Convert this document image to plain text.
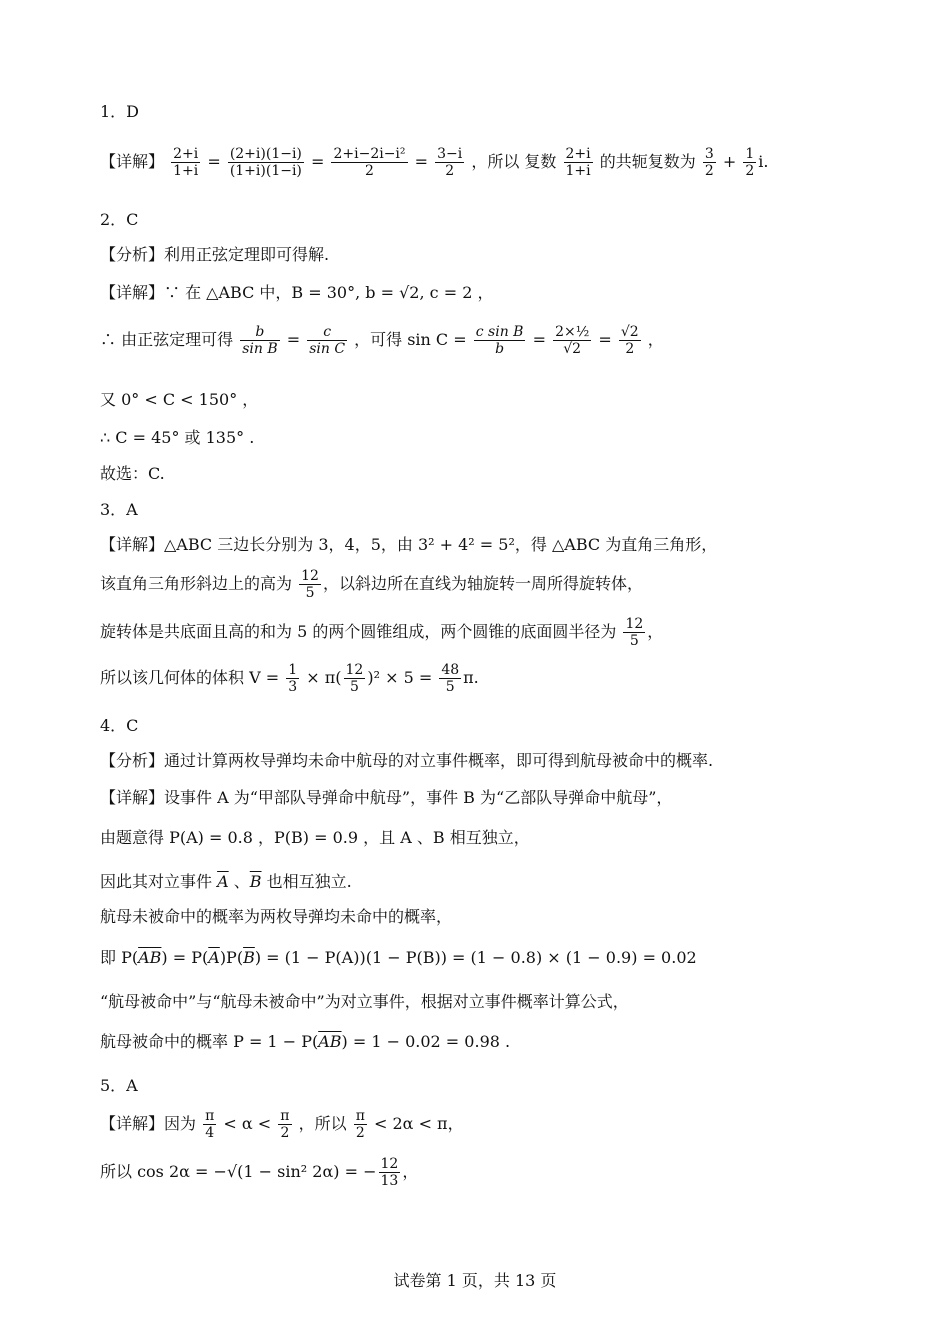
1．D
【详解】 $\frac{2+i}{1+i} = \frac{(2+i)(1-i)}{(1+i)(1-i)} = \frac{\text{2+i−2i−i²}}{2} = \frac{3-i}{2}$ ，所以 复数 $\frac{2+i}{1+i}$ 的共轭复数为 $\frac{3}{2} + \frac{1}{2} i$.
2．C
【分析】利用正弦定理即可得解.
【详解】∵ 在 △ABC 中，B = 30°, b = √2, c = 2 ，
∴ 由正弦定理可得 $\frac{b}{\text{sin B}} = \frac{c}{\text{sin C}}$ ，可得 $\sin C = \frac{\text{c sin B}}{b} = \frac{\text{2×½}}{√2} = \frac{√2}{2}$ ，
又 0° < C < 150° ，
∴ C = 45° 或 135° .
故选：C.
3．A
【详解】△ABC 三边长分别为 3，4，5，由 3² + 4² = 5²，得 △ABC 为直角三角形，
该直角三角形斜边上的高为 $\frac{12}{5}$ ，以斜边所在直线为轴旋转一周所得旋转体，
旋转体是共底面且高的和为 5 的两个圆锥组成，两个圆锥的底面圆半径为 $\frac{12}{5}$ ，
所以该几何体的体积 $V = \frac{1}{3} \times \pi( \frac{12}{5} )^2 \times 5 = \frac{48}{5} \pi$.
4．C
【分析】通过计算两枚导弹均未命中航母的对立事件概率，即可得到航母被命中的概率.
【详解】设事件 A 为“甲部队导弹命中航母”，事件 B 为“乙部队导弹命中航母”，
由题意得 P(A) = 0.8 ，P(B) = 0.9 ，且 A 、B 相互独立，
因此其对立事件 $\overline{A}$ 、$\overline{B}$ 也相互独立.
航母未被命中的概率为两枚导弹均未命中的概率，
即 $P(\overline{AB}) = P(\overline{A})P(\overline{B}) = (1 - P(A))(1 - P(B)) = (1 - 0.8) \times (1 - 0.9) = 0.02$
“航母被命中”与“航母未被命中”为对立事件，根据对立事件概率计算公式，
航母被命中的概率 $P = 1 - P(\overline{AB}) = 1 - 0.02 = 0.98$ .
5．A
【详解】因为 $\frac{\pi}{4} < \alpha < \frac{\pi}{2}$ ，所以 $\frac{\pi}{2} < 2\alpha < \pi$，
所以 cos 2α = −√(1 − sin² 2α) = − $\frac{12}{13}$ ，
试卷第 1 页，共 13 页
